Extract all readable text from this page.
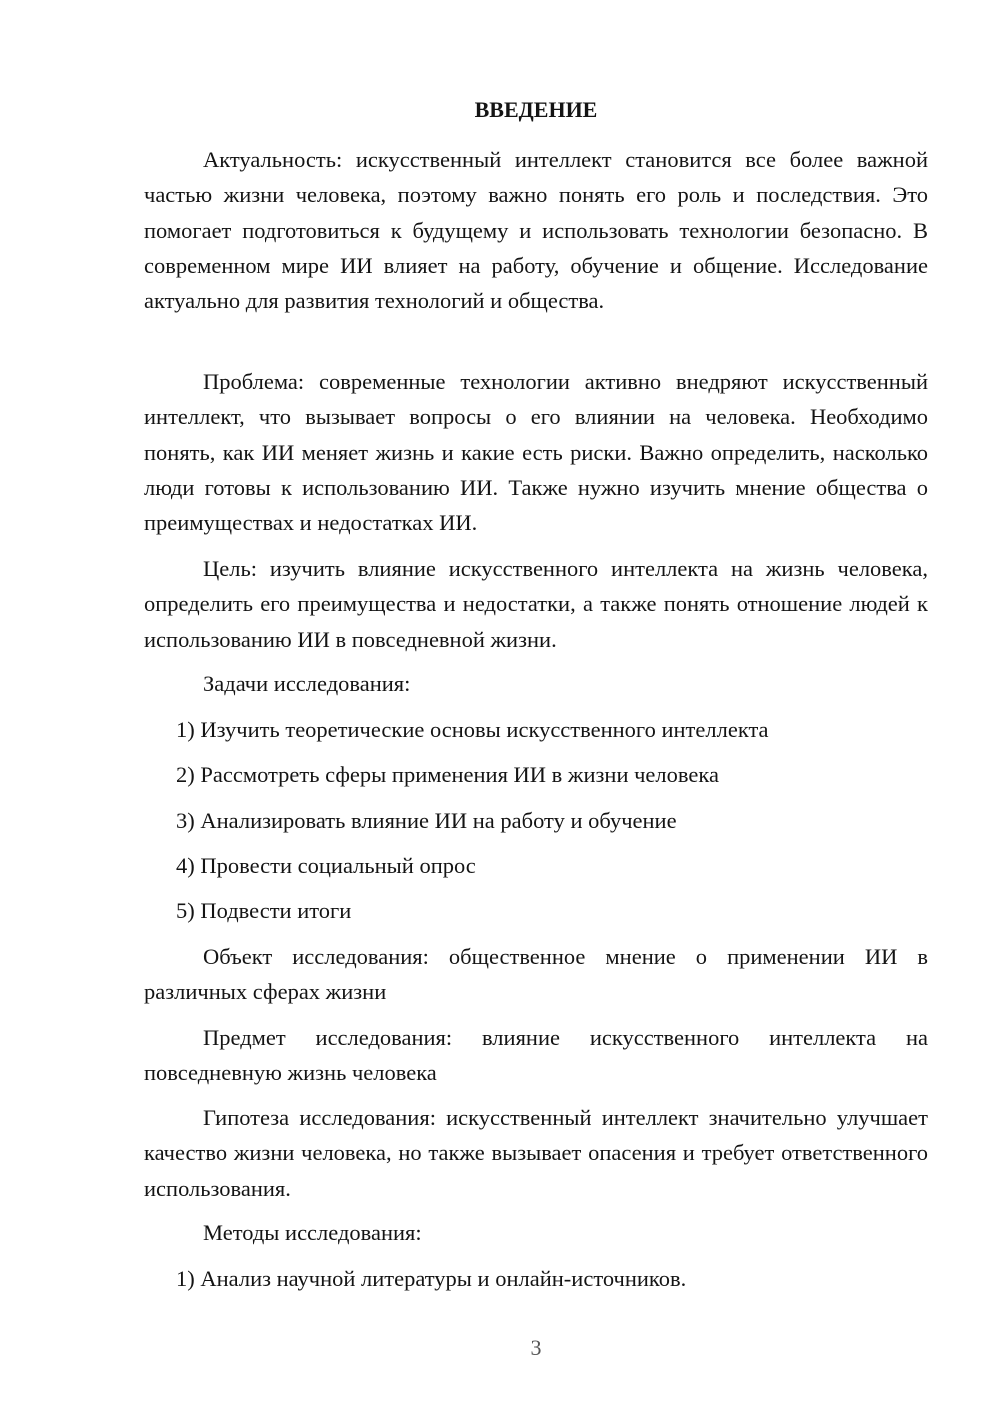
ВВЕДЕНИЕ

Актуальность: искусственный интеллект становится все более важной частью жизни человека, поэтому важно понять его роль и последствия. Это помогает подготовиться к будущему и использовать технологии безопасно. В современном мире ИИ влияет на работу, обучение и общение. Исследование актуально для развития технологий и общества.

Проблема: современные технологии активно внедряют искусственный интеллект, что вызывает вопросы о его влиянии на человека. Необходимо понять, как ИИ меняет жизнь и какие есть риски. Важно определить, насколько люди готовы к использованию ИИ. Также нужно изучить мнение общества о преимуществах и недостатках ИИ.

Цель: изучить влияние искусственного интеллекта на жизнь человека, определить его преимущества и недостатки, а также понять отношение людей к использованию ИИ в повседневной жизни.

Задачи исследования:
1) Изучить теоретические основы искусственного интеллекта
2) Рассмотреть сферы применения ИИ в жизни человека
3) Анализировать влияние ИИ на работу и обучение
4) Провести социальный опрос
5) Подвести итоги

Объект исследования: общественное мнение о применении ИИ в различных сферах жизни

Предмет исследования: влияние искусственного интеллекта на повседневную жизнь человека

Гипотеза исследования: искусственный интеллект значительно улучшает качество жизни человека, но также вызывает опасения и требует ответственного использования.

Методы исследования:
1) Анализ научной литературы и онлайн-источников.
3
